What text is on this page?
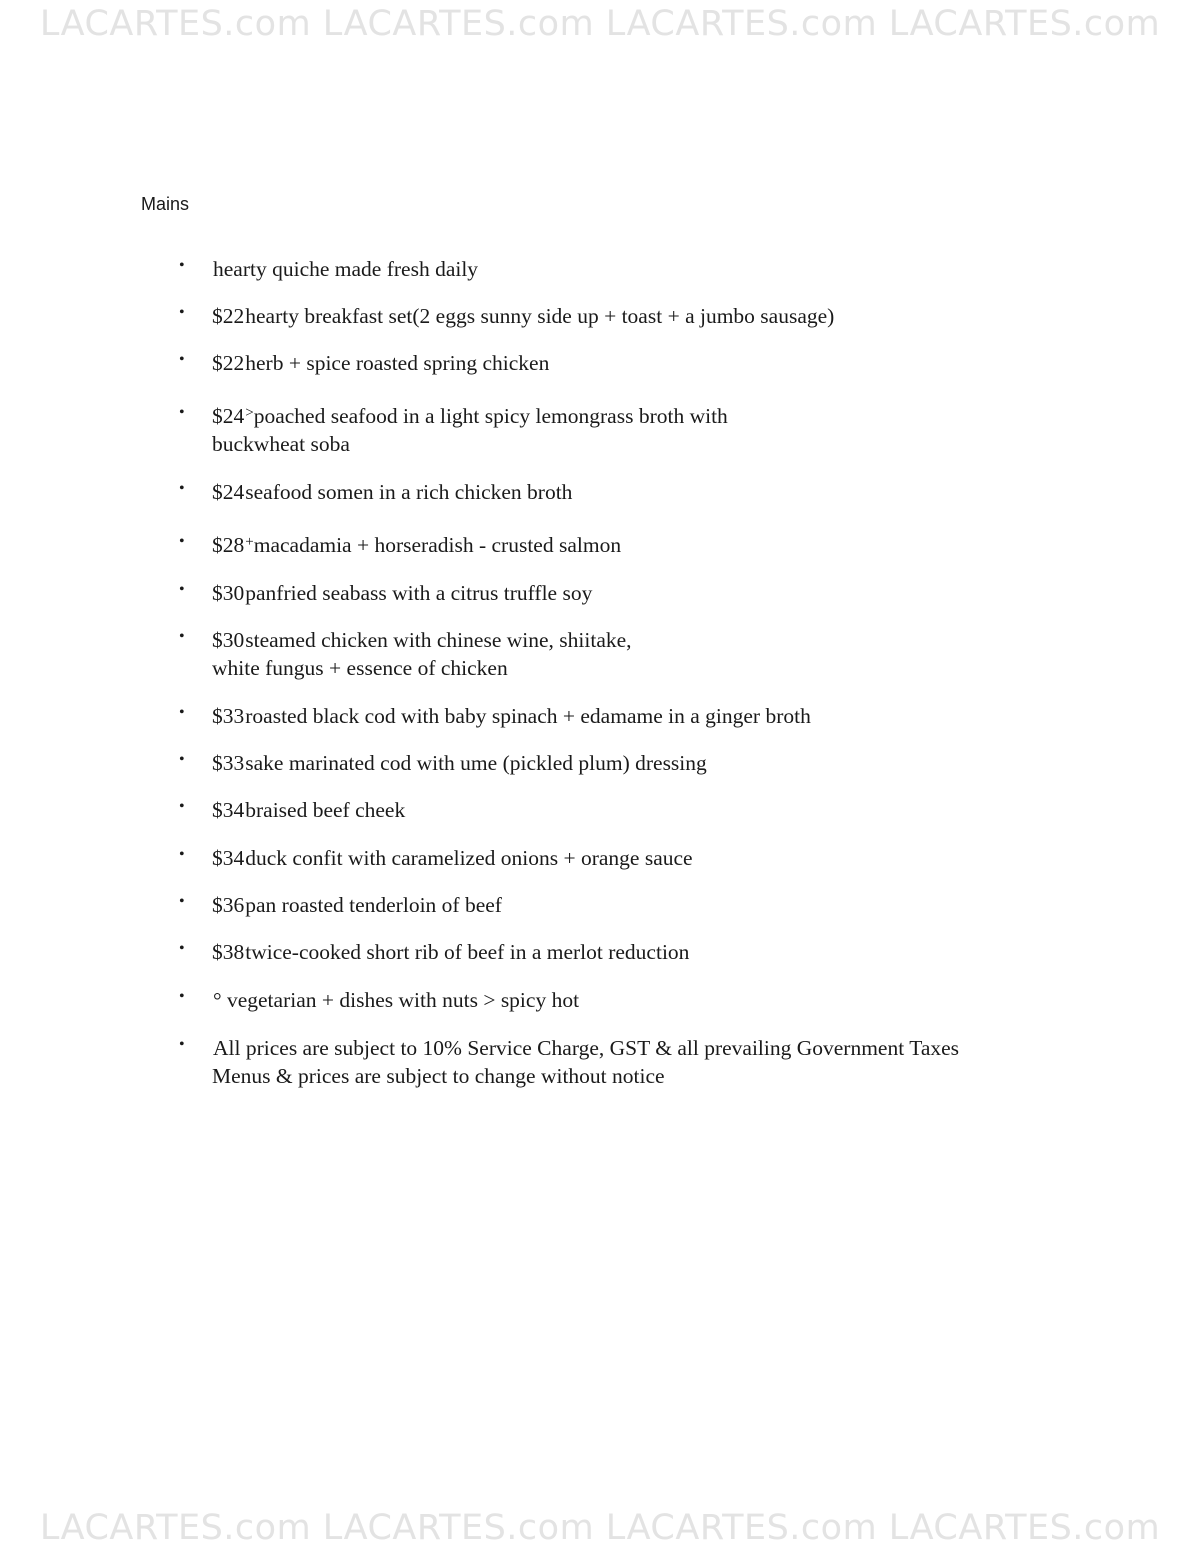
LACARTES.com LACARTES.com LACARTES.com LACARTES.com
Mains
• hearty quiche made fresh daily
• $22hearty breakfast set(2 eggs sunny side up + toast + a jumbo sausage)
• $22herb + spice roasted spring chicken
• $24>poached seafood in a light spicy lemongrass broth with
buckwheat soba
• $24seafood somen in a rich chicken broth
• $28+macadamia + horseradish - crusted salmon
• $30panfried seabass with a citrus truffle soy
• $30steamed chicken with chinese wine, shiitake,
white fungus + essence of chicken
• $33roasted black cod with baby spinach + edamame in a ginger broth
• $33sake marinated cod with ume (pickled plum) dressing
• $34braised beef cheek
• $34duck confit with caramelized onions + orange sauce
• $36pan roasted tenderloin of beef
• $38twice-cooked short rib of beef in a merlot reduction
• ° vegetarian + dishes with nuts > spicy hot
• All prices are subject to 10% Service Charge, GST & all prevailing Government Taxes
Menus & prices are subject to change without notice
LACARTES.com LACARTES.com LACARTES.com LACARTES.com
